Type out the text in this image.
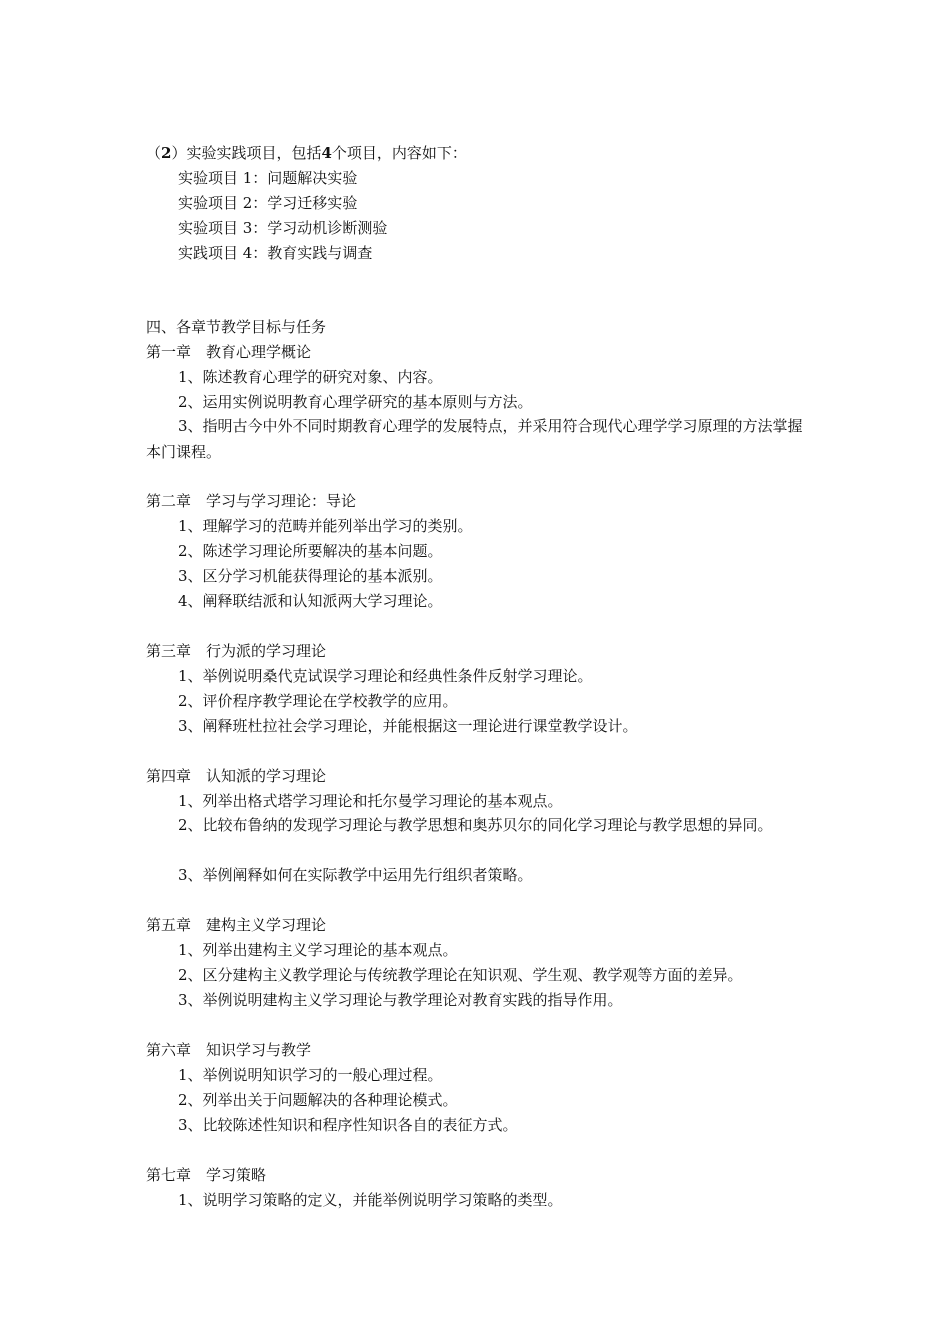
（2）实验实践项目，包括4个项目，内容如下：
实验项目 1：问题解决实验
实验项目 2：学习迁移实验
实验项目 3：学习动机诊断测验
实践项目 4：教育实践与调查
四、各章节教学目标与任务
第一章　教育心理学概论
1、陈述教育心理学的研究对象、内容。
2、运用实例说明教育心理学研究的基本原则与方法。
3、指明古今中外不同时期教育心理学的发展特点，并采用符合现代心理学学习原理的方法掌握本门课程。
第二章　学习与学习理论：导论
1、理解学习的范畴并能列举出学习的类别。
2、陈述学习理论所要解决的基本问题。
3、区分学习机能获得理论的基本派别。
4、阐释联结派和认知派两大学习理论。
第三章　行为派的学习理论
1、举例说明桑代克试误学习理论和经典性条件反射学习理论。
2、评价程序教学理论在学校教学的应用。
3、阐释班杜拉社会学习理论，并能根据这一理论进行课堂教学设计。
第四章　认知派的学习理论
1、列举出格式塔学习理论和托尔曼学习理论的基本观点。
2、比较布鲁纳的发现学习理论与教学思想和奥苏贝尔的同化学习理论与教学思想的异同。
3、举例阐释如何在实际教学中运用先行组织者策略。
第五章　建构主义学习理论
1、列举出建构主义学习理论的基本观点。
2、区分建构主义教学理论与传统教学理论在知识观、学生观、教学观等方面的差异。
3、举例说明建构主义学习理论与教学理论对教育实践的指导作用。
第六章　知识学习与教学
1、举例说明知识学习的一般心理过程。
2、列举出关于问题解决的各种理论模式。
3、比较陈述性知识和程序性知识各自的表征方式。
第七章　学习策略
1、说明学习策略的定义，并能举例说明学习策略的类型。
